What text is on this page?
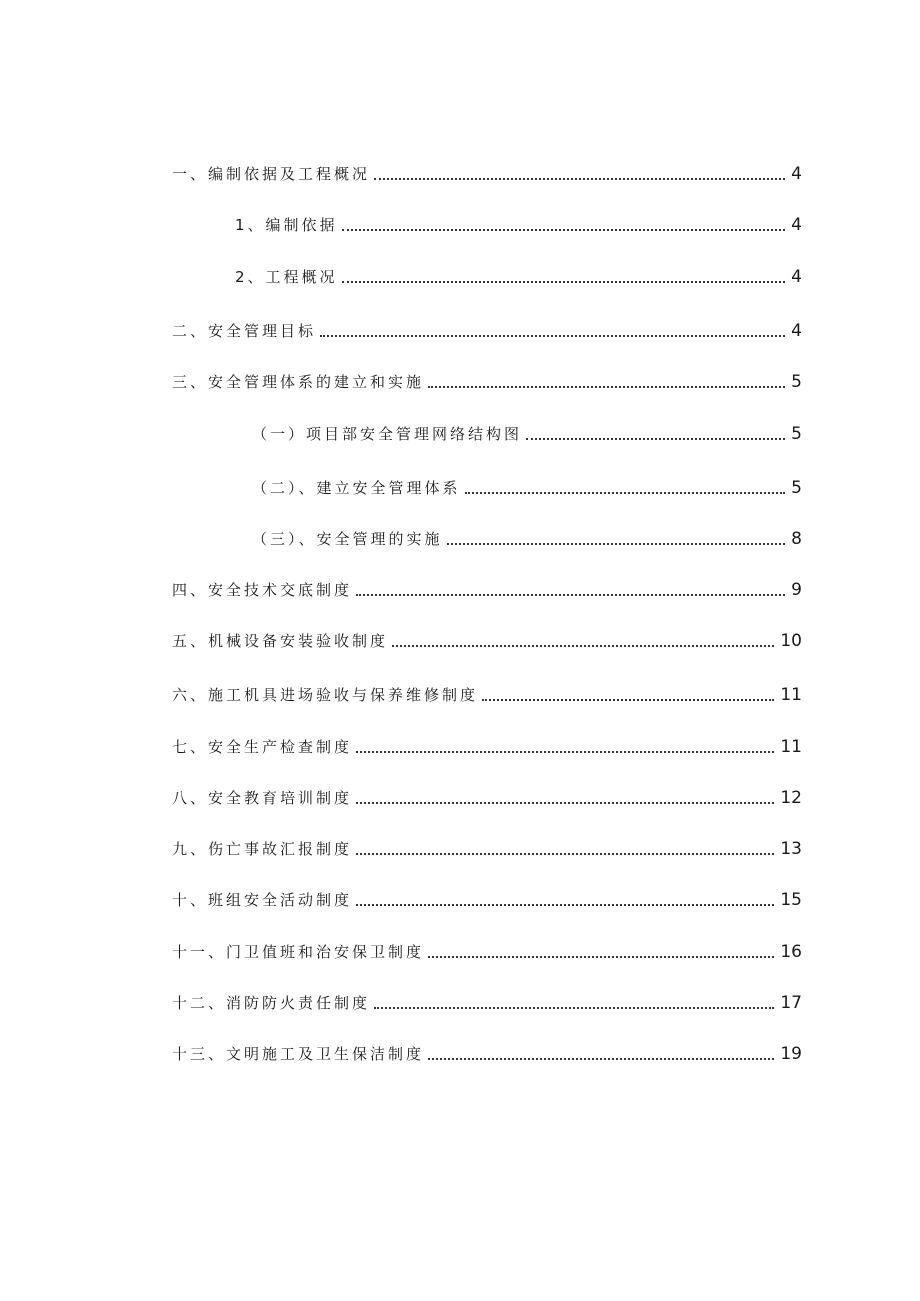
一、编制依据及工程概况	4
1、编制依据	4
2、工程概况	4
二、安全管理目标	4
三、安全管理体系的建立和实施	5
（一）项目部安全管理网络结构图	5
（二）、建立安全管理体系	5
（三）、安全管理的实施	8
四、安全技术交底制度	9
五、机械设备安装验收制度	10
六、施工机具进场验收与保养维修制度	11
七、安全生产检查制度	11
八、安全教育培训制度	12
九、伤亡事故汇报制度	13
十、班组安全活动制度	15
十一、门卫值班和治安保卫制度	16
十二、消防防火责任制度	17
十三、文明施工及卫生保洁制度	19
